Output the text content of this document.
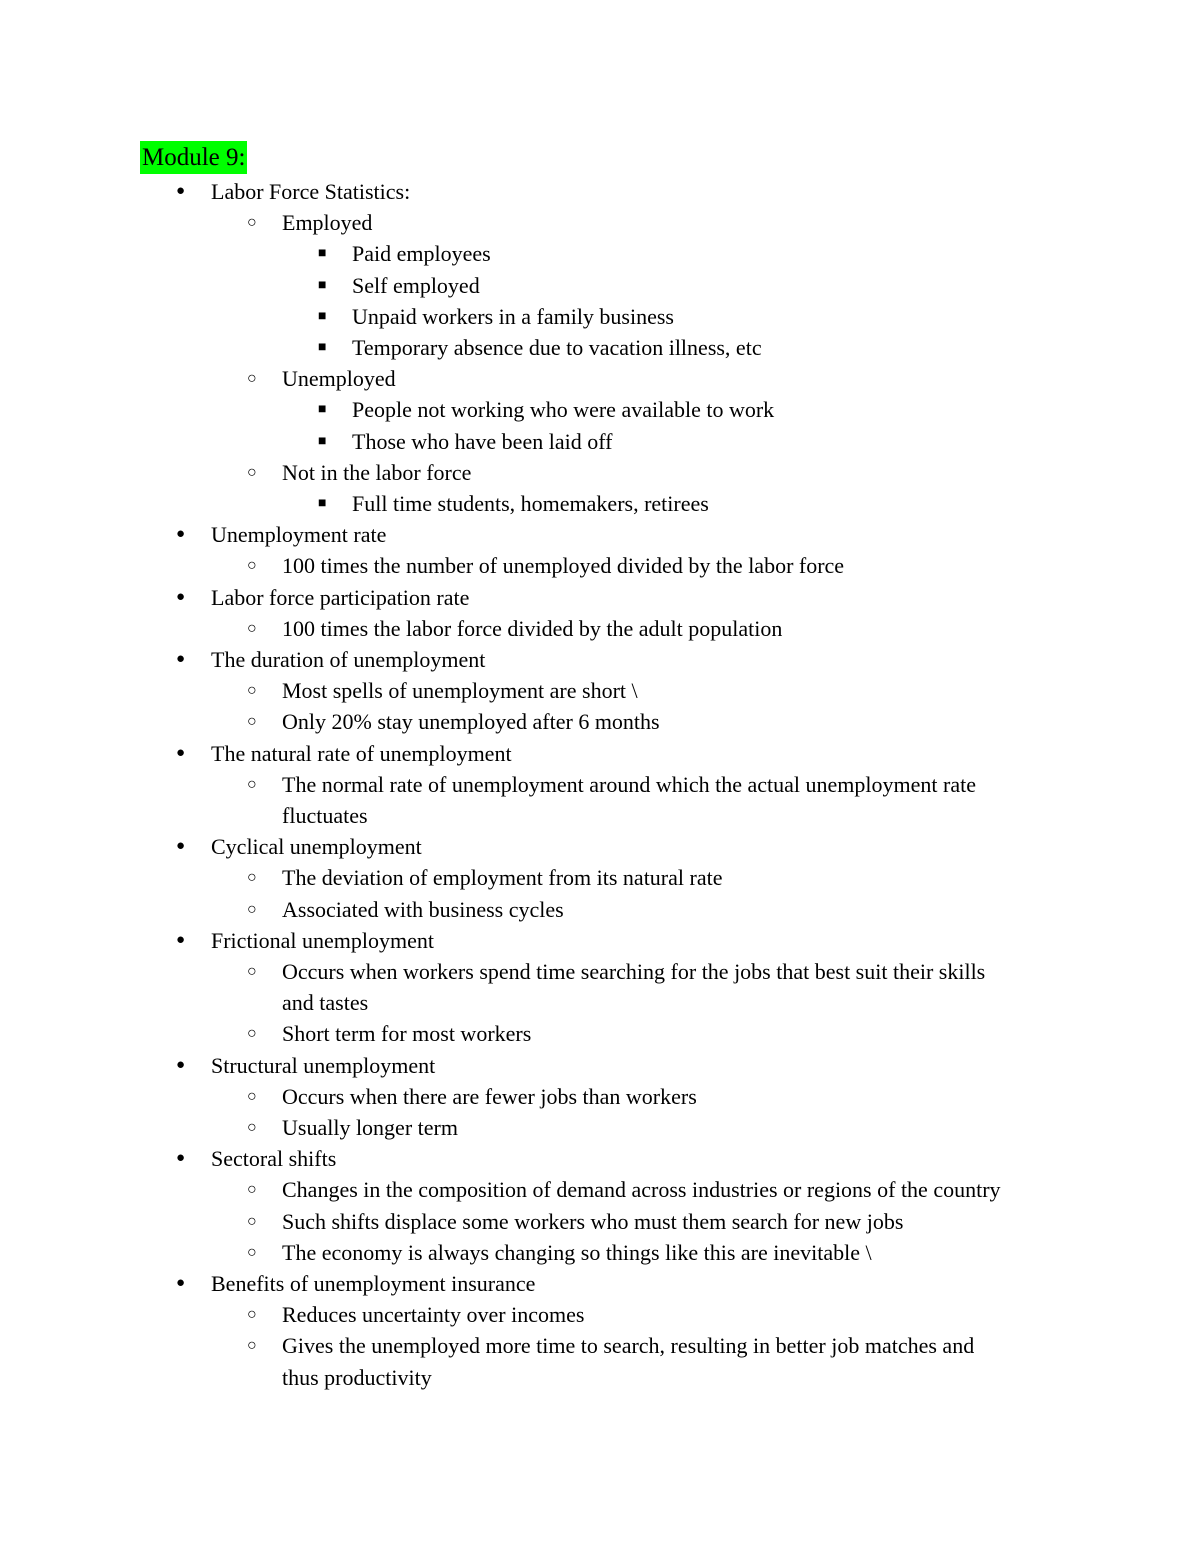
Module 9:
● Labor Force Statistics:
○ Employed
■ Paid employees
■ Self employed
■ Unpaid workers in a family business
■ Temporary absence due to vacation illness, etc
○ Unemployed
■ People not working who were available to work
■ Those who have been laid off
○ Not in the labor force
■ Full time students, homemakers, retirees
● Unemployment rate
○ 100 times the number of unemployed divided by the labor force
● Labor force participation rate
○ 100 times the labor force divided by the adult population
● The duration of unemployment
○ Most spells of unemployment are short \
○ Only 20% stay unemployed after 6 months
● The natural rate of unemployment
○ The normal rate of unemployment around which the actual unemployment rate
fluctuates
● Cyclical unemployment
○ The deviation of employment from its natural rate
○ Associated with business cycles
● Frictional unemployment
○ Occurs when workers spend time searching for the jobs that best suit their skills
and tastes
○ Short term for most workers
● Structural unemployment
○ Occurs when there are fewer jobs than workers
○ Usually longer term
● Sectoral shifts
○ Changes in the composition of demand across industries or regions of the country
○ Such shifts displace some workers who must them search for new jobs
○ The economy is always changing so things like this are inevitable \
● Benefits of unemployment insurance
○ Reduces uncertainty over incomes
○ Gives the unemployed more time to search, resulting in better job matches and
thus productivity
